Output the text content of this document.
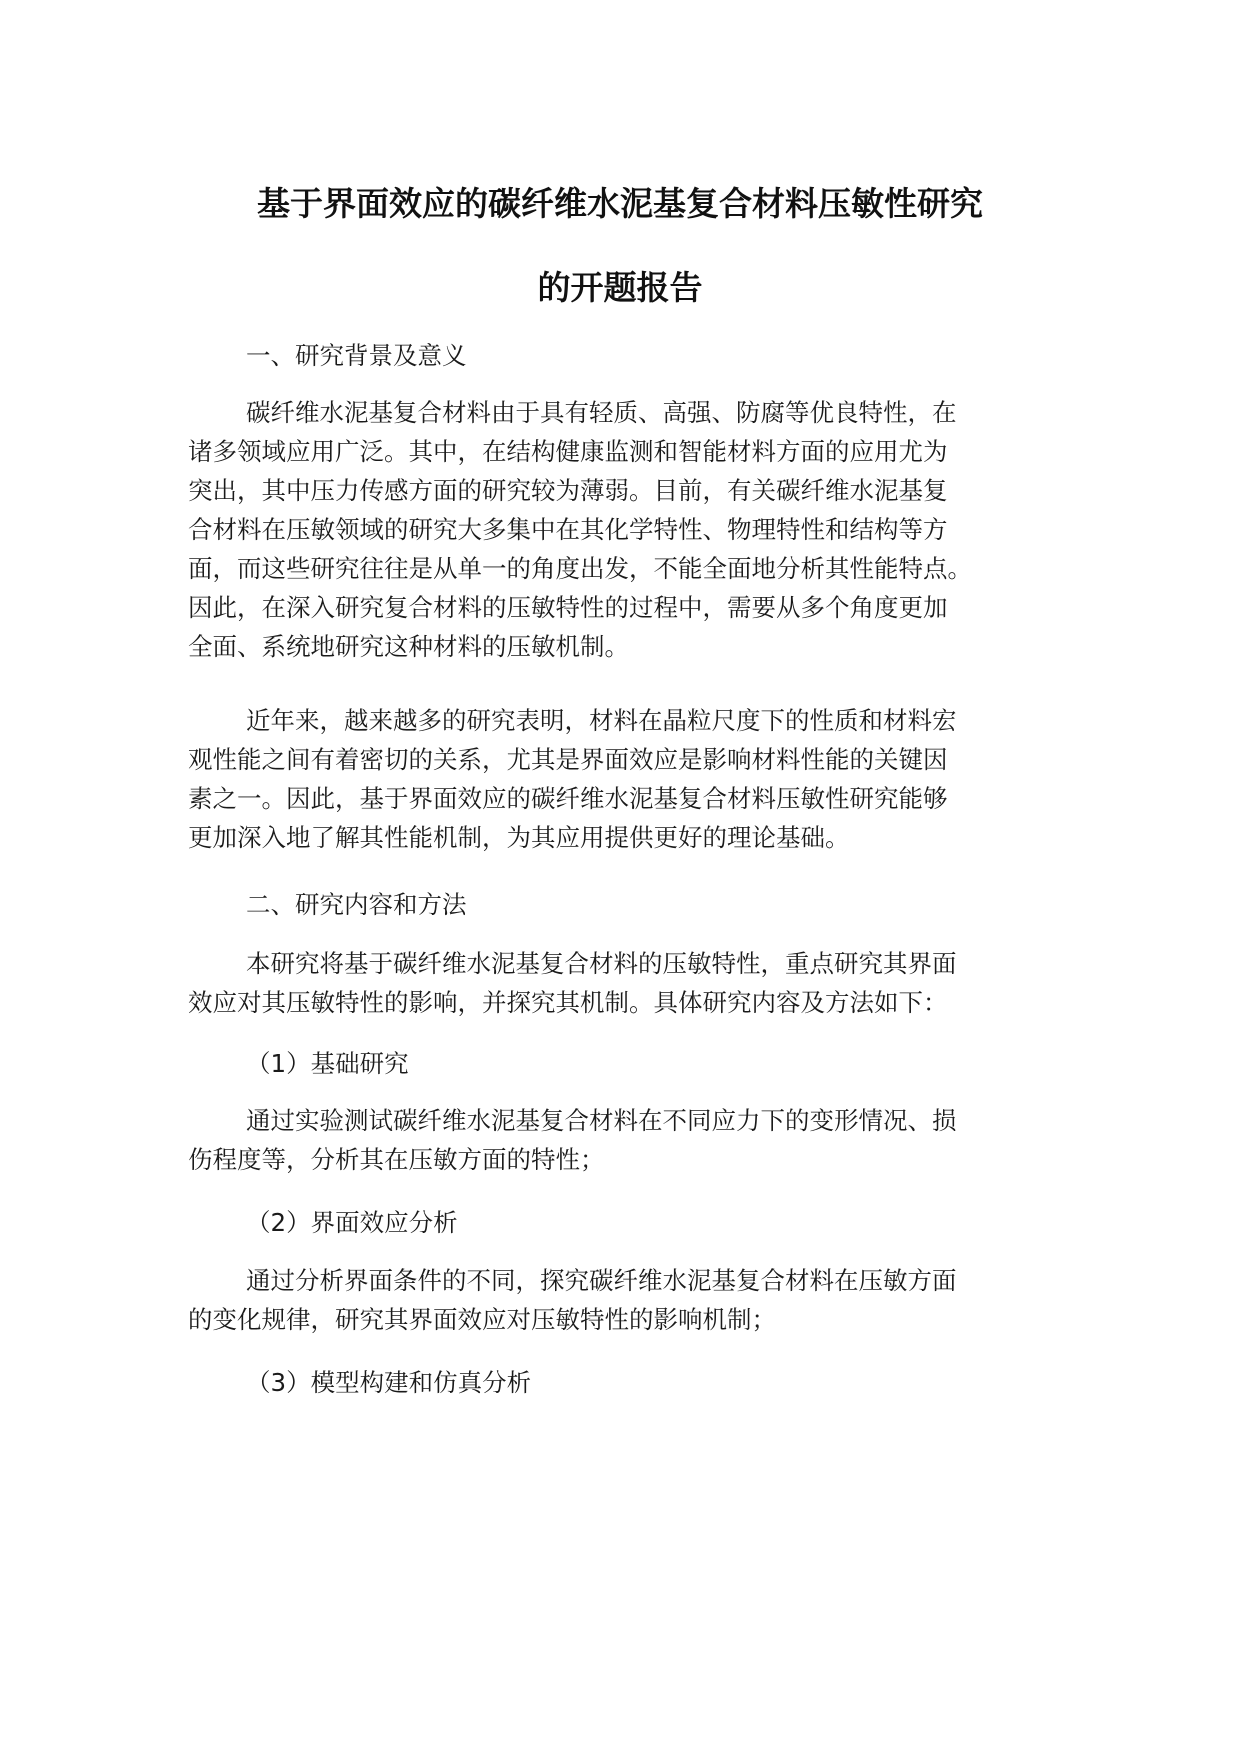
基于界面效应的碳纤维水泥基复合材料压敏性研究
的开题报告
一、研究背景及意义
碳纤维水泥基复合材料由于具有轻质、高强、防腐等优良特性，在
诸多领域应用广泛。其中，在结构健康监测和智能材料方面的应用尤为
突出，其中压力传感方面的研究较为薄弱。目前，有关碳纤维水泥基复
合材料在压敏领域的研究大多集中在其化学特性、物理特性和结构等方
面，而这些研究往往是从单一的角度出发，不能全面地分析其性能特点。
因此，在深入研究复合材料的压敏特性的过程中，需要从多个角度更加
全面、系统地研究这种材料的压敏机制。
近年来，越来越多的研究表明，材料在晶粒尺度下的性质和材料宏
观性能之间有着密切的关系，尤其是界面效应是影响材料性能的关键因
素之一。因此，基于界面效应的碳纤维水泥基复合材料压敏性研究能够
更加深入地了解其性能机制，为其应用提供更好的理论基础。
二、研究内容和方法
本研究将基于碳纤维水泥基复合材料的压敏特性，重点研究其界面
效应对其压敏特性的影响，并探究其机制。具体研究内容及方法如下：
（1）基础研究
通过实验测试碳纤维水泥基复合材料在不同应力下的变形情况、损
伤程度等，分析其在压敏方面的特性；
（2）界面效应分析
通过分析界面条件的不同，探究碳纤维水泥基复合材料在压敏方面
的变化规律，研究其界面效应对压敏特性的影响机制；
（3）模型构建和仿真分析
